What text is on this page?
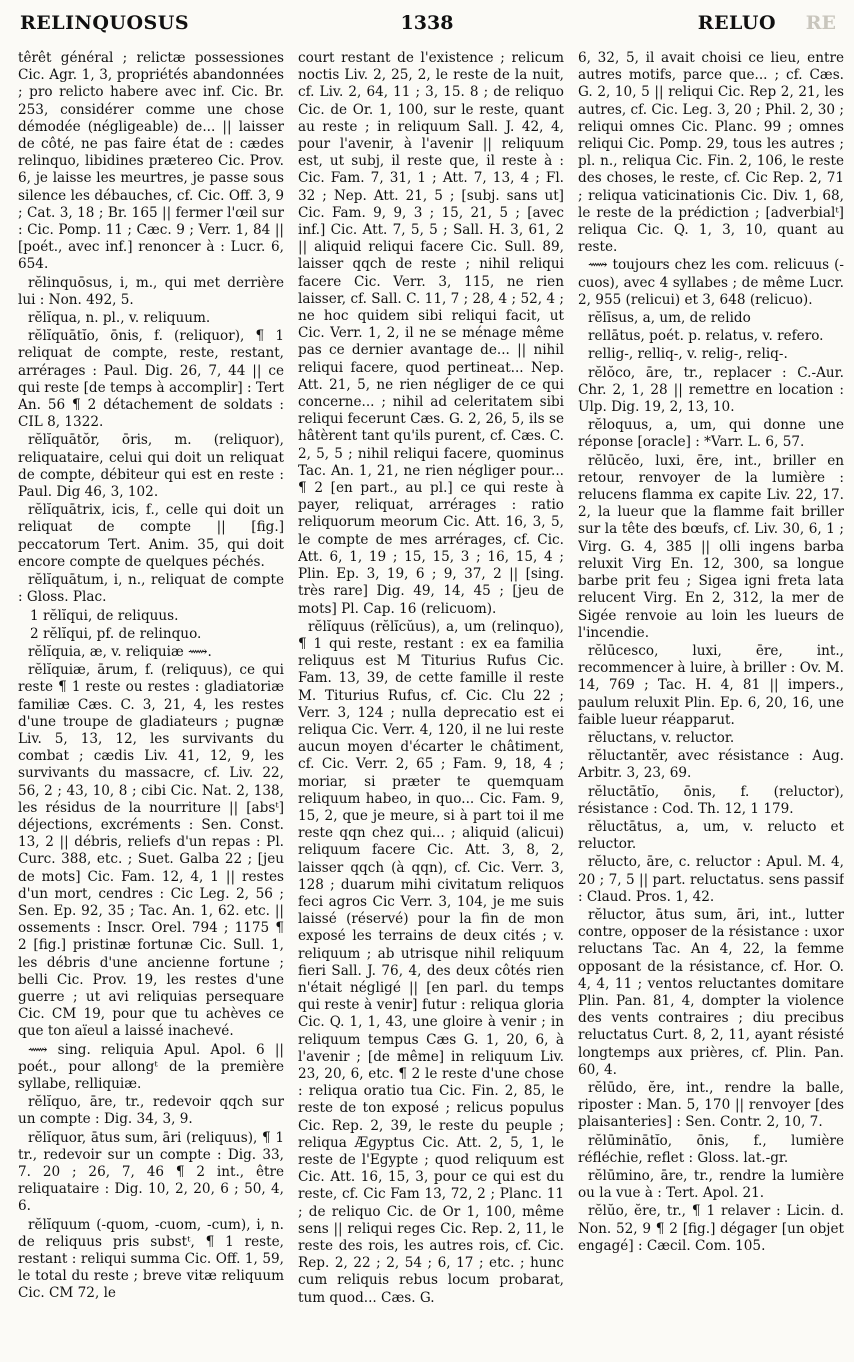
RELINQUOSUS	1338	RELUO RE

têrêt général ; relictæ possessiones Cic. Agr. 1, 3, propriétés abandonnées ; pro relicto habere avec inf. Cic. Br. 253, considérer comme une chose démodée (négligeable) de... || laisser de côté, ne pas faire état de : cædes relinquo, libidines prætereo Cic. Prov. 6, je laisse les meurtres, je passe sous silence les débauches, cf. Cic. Off. 3, 9 ; Cat. 3, 18 ; Br. 165 || fermer l'œil sur : Cic. Pomp. 11 ; Cæc. 9 ; Verr. 1, 84 || [poét., avec inf.] renoncer à : Lucr. 6, 654.

rĕlinquōsus, i, m., qui met derrière lui : Non. 492, 5.

rĕlĭqua, n. pl., v. reliquum.

rĕlĭquātĭo, ōnis, f. (reliquor), ¶ 1 reliquat de compte, reste, restant, arrérages : Paul. Dig. 26, 7, 44 || ce qui reste [de temps à accomplir] : Tert An. 56 ¶ 2 détachement de soldats : CIL 8, 1322.

rĕlĭquātŏr, ōris, m. (reliquor), reliquataire, celui qui doit un reliquat de compte, débiteur qui est en reste : Paul. Dig 46, 3, 102.

rĕlĭquātrix, icis, f., celle qui doit un reliquat de compte || [fig.] peccatorum Tert. Anim. 35, qui doit encore compte de quelques péchés.

rĕlĭquātum, i, n., reliquat de compte : Gloss. Plac.

1 rĕlĭqui, de reliquus.

2 rĕlĭqui, pf. de relinquo.

rĕlĭquia, æ, v. reliquiæ ⟿.

rĕlĭquiæ, ārum, f. (reliquus), ce qui reste ¶ 1 reste ou restes : gladiatoriæ familiæ Cæs. C. 3, 21, 4, les restes d'une troupe de gladiateurs ; pugnæ Liv. 5, 13, 12, les survivants du combat ; cædis Liv. 41, 12, 9, les survivants du massacre, cf. Liv. 22, 56, 2 ; 43, 10, 8 ; cibi Cic. Nat. 2, 138, les résidus de la nourriture || [absᵗ] déjections, excréments : Sen. Const. 13, 2 || débris, reliefs d'un repas : Pl. Curc. 388, etc. ; Suet. Galba 22 ; [jeu de mots] Cic. Fam. 12, 4, 1 || restes d'un mort, cendres : Cic Leg. 2, 56 ; Sen. Ep. 92, 35 ; Tac. An. 1, 62. etc. || ossements : Inscr. Orel. 794 ; 1175 ¶ 2 [fig.] pristinæ fortunæ Cic. Sull. 1, les débris d'une ancienne fortune ; belli Cic. Prov. 19, les restes d'une guerre ; ut avi reliquias persequare Cic. CM 19, pour que tu achèves ce que ton aïeul a laissé inachevé.

⟿ sing. reliquia Apul. Apol. 6 || poét., pour allongᵗ de la première syllabe, relliquiæ.

rĕlĭquo, āre, tr., redevoir qqch sur un compte : Dig. 34, 3, 9.

rĕlĭquor, ātus sum, āri (reliquus), ¶ 1 tr., redevoir sur un compte : Dig. 33, 7. 20 ; 26, 7, 46 ¶ 2 int., être reliquataire : Dig. 10, 2, 20, 6 ; 50, 4, 6.

rĕlĭquum (-quom, -cuom, -cum), i, n. de reliquus pris substᵗ, ¶ 1 reste, restant : reliqui summa Cic. Off. 1, 59, le total du reste ; breve vitæ reliquum Cic. CM 72, le

court restant de l'existence ; relicum noctis Liv. 2, 25, 2, le reste de la nuit, cf. Liv. 2, 64, 11 ; 3, 15. 8 ; de reliquo Cic. de Or. 1, 100, sur le reste, quant au reste ; in reliquum Sall. J. 42, 4, pour l'avenir, à l'avenir || reliquum est, ut subj, il reste que, il reste à : Cic. Fam. 7, 31, 1 ; Att. 7, 13, 4 ; Fl. 32 ; Nep. Att. 21, 5 ; [subj. sans ut] Cic. Fam. 9, 9, 3 ; 15, 21, 5 ; [avec inf.] Cic. Att. 7, 5, 5 ; Sall. H. 3, 61, 2 || aliquid reliqui facere Cic. Sull. 89, laisser qqch de reste ; nihil reliqui facere Cic. Verr. 3, 115, ne rien laisser, cf. Sall. C. 11, 7 ; 28, 4 ; 52, 4 ; ne hoc quidem sibi reliqui facit, ut Cic. Verr. 1, 2, il ne se ménage même pas ce dernier avantage de... || nihil reliqui facere, quod pertineat... Nep. Att. 21, 5, ne rien négliger de ce qui concerne... ; nihil ad celeritatem sibi reliqui fecerunt Cæs. G. 2, 26, 5, ils se hâtèrent tant qu'ils purent, cf. Cæs. C. 2, 5, 5 ; nihil reliqui facere, quominus Tac. An. 1, 21, ne rien négliger pour... ¶ 2 [en part., au pl.] ce qui reste à payer, reliquat, arrérages : ratio reliquorum meorum Cic. Att. 16, 3, 5, le compte de mes arrérages, cf. Cic. Att. 6, 1, 19 ; 15, 15, 3 ; 16, 15, 4 ; Plin. Ep. 3, 19, 6 ; 9, 37, 2 || [sing. très rare] Dig. 49, 14, 45 ; [jeu de mots] Pl. Cap. 16 (relicuom).

rĕlĭquus (rĕlĭcŭus), a, um (relinquo), ¶ 1 qui reste, restant : ex ea familia reliquus est M Titurius Rufus Cic. Fam. 13, 39, de cette famille il reste M. Titurius Rufus, cf. Cic. Clu 22 ; Verr. 3, 124 ; nulla deprecatio est ei reliqua Cic. Verr. 4, 120, il ne lui reste aucun moyen d'écarter le châtiment, cf. Cic. Verr. 2, 65 ; Fam. 9, 18, 4 ; moriar, si præter te quemquam reliquum habeo, in quo... Cic. Fam. 9, 15, 2, que je meure, si à part toi il me reste qqn chez qui... ; aliquid (alicui) reliquum facere Cic. Att. 3, 8, 2, laisser qqch (à qqn), cf. Cic. Verr. 3, 128 ; duarum mihi civitatum reliquos feci agros Cic Verr. 3, 104, je me suis laissé (réservé) pour la fin de mon exposé les terrains de deux cités ; v. reliquum ; ab utrisque nihil reliquum fieri Sall. J. 76, 4, des deux côtés rien n'était négligé || [en parl. du temps qui reste à venir] futur : reliqua gloria Cic. Q. 1, 1, 43, une gloire à venir ; in reliquum tempus Cæs G. 1, 20, 6, à l'avenir ; [de même] in reliquum Liv. 23, 20, 6, etc. ¶ 2 le reste d'une chose : reliqua oratio tua Cic. Fin. 2, 85, le reste de ton exposé ; relicus populus Cic. Rep. 2, 39, le reste du peuple ; reliqua Ægyptus Cic. Att. 2, 5, 1, le reste de l'Egypte ; quod reliquum est Cic. Att. 16, 15, 3, pour ce qui est du reste, cf. Cic Fam 13, 72, 2 ; Planc. 11 ; de reliquo Cic. de Or 1, 100, même sens || reliqui reges Cic. Rep. 2, 11, le reste des rois, les autres rois, cf. Cic. Rep. 2, 22 ; 2, 54 ; 6, 17 ; etc. ; hunc cum reliquis rebus locum probarat, tum quod... Cæs. G.

6, 32, 5, il avait choisi ce lieu, entre autres motifs, parce que... ; cf. Cæs. G. 2, 10, 5 || reliqui Cic. Rep 2, 21, les autres, cf. Cic. Leg. 3, 20 ; Phil. 2, 30 ; reliqui omnes Cic. Planc. 99 ; omnes reliqui Cic. Pomp. 29, tous les autres ; pl. n., reliqua Cic. Fin. 2, 106, le reste des choses, le reste, cf. Cic Rep. 2, 71 ; reliqua vaticinationis Cic. Div. 1, 68, le reste de la prédiction ; [adverbialᵗ] reliqua Cic. Q. 1, 3, 10, quant au reste.

⟿ toujours chez les com. relicuus (-cuos), avec 4 syllabes ; de même Lucr. 2, 955 (relicui) et 3, 648 (relicuo).

rĕlīsus, a, um, de relido

rellātus, poét. p. relatus, v. refero.

rellig-, relliq-, v. relig-, reliq-.

rĕlŏco, āre, tr., replacer : C.-Aur. Chr. 2, 1, 28 || remettre en location : Ulp. Dig. 19, 2, 13, 10.

rĕloquus, a, um, qui donne une réponse [oracle] : *Varr. L. 6, 57.

rĕlūcĕo, luxi, ēre, int., briller en retour, renvoyer de la lumière : relucens flamma ex capite Liv. 22, 17. 2, la lueur que la flamme fait briller sur la tête des bœufs, cf. Liv. 30, 6, 1 ; Virg. G. 4, 385 || olli ingens barba reluxit Virg En. 12, 300, sa longue barbe prit feu ; Sigea igni freta lata relucent Virg. En 2, 312, la mer de Sigée renvoie au loin les lueurs de l'incendie.

rĕlūcesco, luxi, ēre, int., recommencer à luire, à briller : Ov. M. 14, 769 ; Tac. H. 4, 81 || impers., paulum reluxit Plin. Ep. 6, 20, 16, une faible lueur réapparut.

rĕluctans, v. reluctor.

rĕluctantĕr, avec résistance : Aug. Arbitr. 3, 23, 69.

rĕluctātĭo, ōnis, f. (reluctor), résistance : Cod. Th. 12, 1 179.

rĕluctātus, a, um, v. relucto et reluctor.

rĕlucto, āre, c. reluctor : Apul. M. 4, 20 ; 7, 5 || part. reluctatus. sens passif : Claud. Pros. 1, 42.

rĕluctor, ātus sum, āri, int., lutter contre, opposer de la résistance : uxor reluctans Tac. An 4, 22, la femme opposant de la résistance, cf. Hor. O. 4, 4, 11 ; ventos reluctantes domitare Plin. Pan. 81, 4, dompter la violence des vents contraires ; diu precibus reluctatus Curt. 8, 2, 11, ayant résisté longtemps aux prières, cf. Plin. Pan. 60, 4.

rĕlūdo, ĕre, int., rendre la balle, riposter : Man. 5, 170 || renvoyer [des plaisanteries] : Sen. Contr. 2, 10, 7.

rĕlūminātĭo, ōnis, f., lumière réfléchie, reflet : Gloss. lat.-gr.

rĕlūmino, āre, tr., rendre la lumière ou la vue à : Tert. Apol. 21.

rĕlŭo, ĕre, tr., ¶ 1 relaver : Licin. d. Non. 52, 9 ¶ 2 [fig.] dégager [un objet engagé] : Cæcil. Com. 105.
